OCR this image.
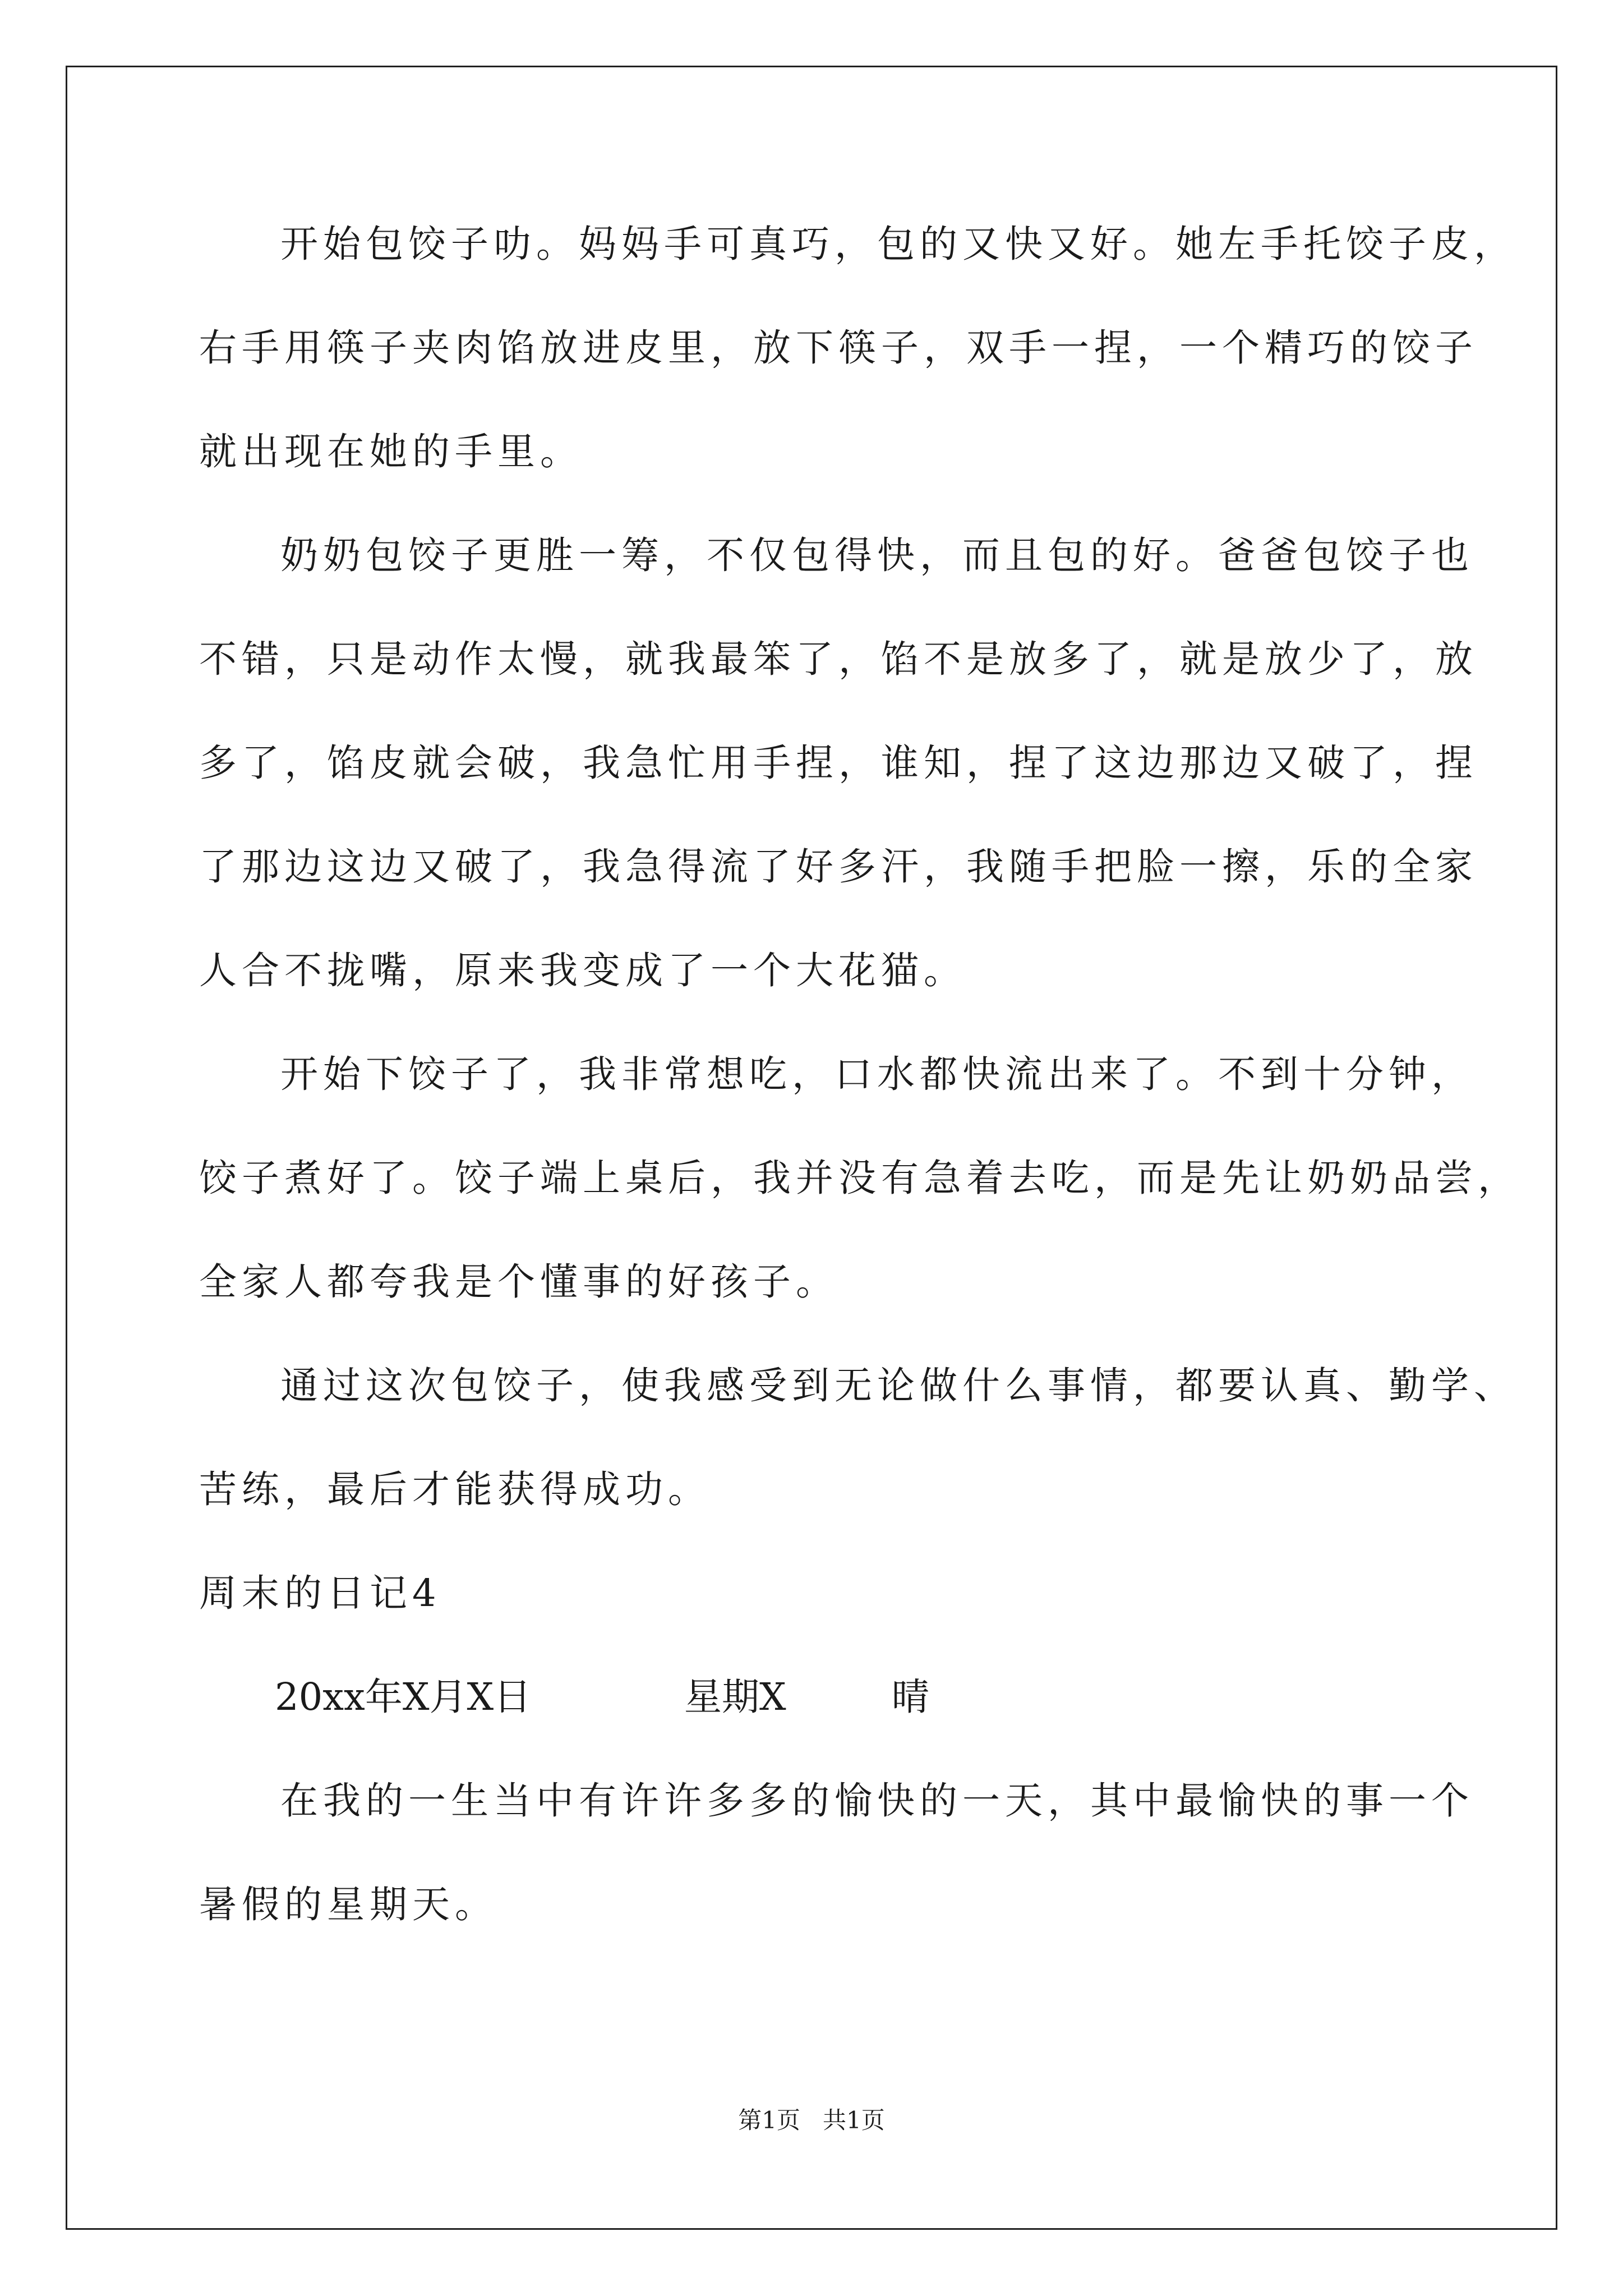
开始包饺子叻。妈妈手可真巧，包的又快又好。她左手托饺子皮，
右手用筷子夹肉馅放进皮里，放下筷子，双手一捏，一个精巧的饺子
就出现在她的手里。
奶奶包饺子更胜一筹，不仅包得快，而且包的好。爸爸包饺子也
不错，只是动作太慢，就我最笨了，馅不是放多了，就是放少了，放
多了，馅皮就会破，我急忙用手捏，谁知，捏了这边那边又破了，捏
了那边这边又破了，我急得流了好多汗，我随手把脸一擦，乐的全家
人合不拢嘴，原来我变成了一个大花猫。
开始下饺子了，我非常想吃，口水都快流出来了。不到十分钟，
饺子煮好了。饺子端上桌后，我并没有急着去吃，而是先让奶奶品尝，
全家人都夸我是个懂事的好孩子。
通过这次包饺子，使我感受到无论做什么事情，都要认真、勤学、
苦练，最后才能获得成功。
周末的日记4
20xx年X月X日	星期X	晴
在我的一生当中有许许多多的愉快的一天，其中最愉快的事一个
暑假的星期天。
第1页   共1页
